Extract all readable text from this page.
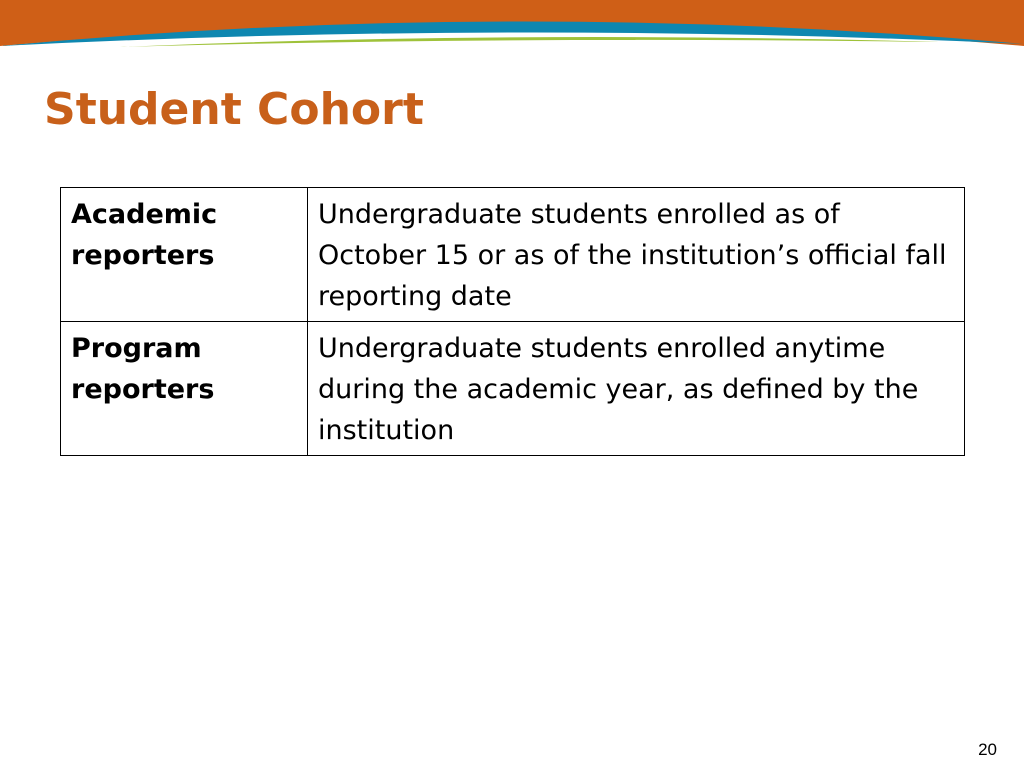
Student Cohort
Academic reporters	Undergraduate students enrolled as of October 15 or as of the institution’s official fall reporting date
Program reporters	Undergraduate students enrolled anytime during the academic year, as defined by the institution
20
